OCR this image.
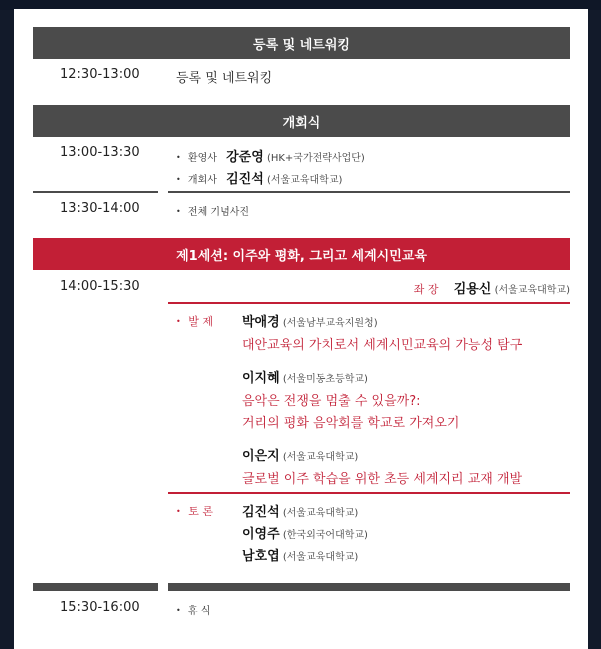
등록 및 네트워킹
12:30-13:00	등록 및 네트워킹
개회식
13:00-13:30	• 환영사 강준영 (HK+국가전략사업단)
• 개회사 김진석 (서울교육대학교)
13:30-14:00	• 전체 기념사진
제1세션: 이주와 평화, 그리고 세계시민교육
14:00-15:30	좌 장 김용신 (서울교육대학교)
• 발 제 박애경 (서울남부교육지원청)
대안교육의 가치로서 세계시민교육의 가능성 탐구
이지혜 (서울미동초등학교)
음악은 전쟁을 멈출 수 있을까?:
거리의 평화 음악회를 학교로 가져오기
이은지 (서울교육대학교)
글로벌 이주 학습을 위한 초등 세계지리 교재 개발
• 토 론 김진석 (서울교육대학교)
이영주 (한국외국어대학교)
남호엽 (서울교육대학교)
15:30-16:00	• 휴 식
